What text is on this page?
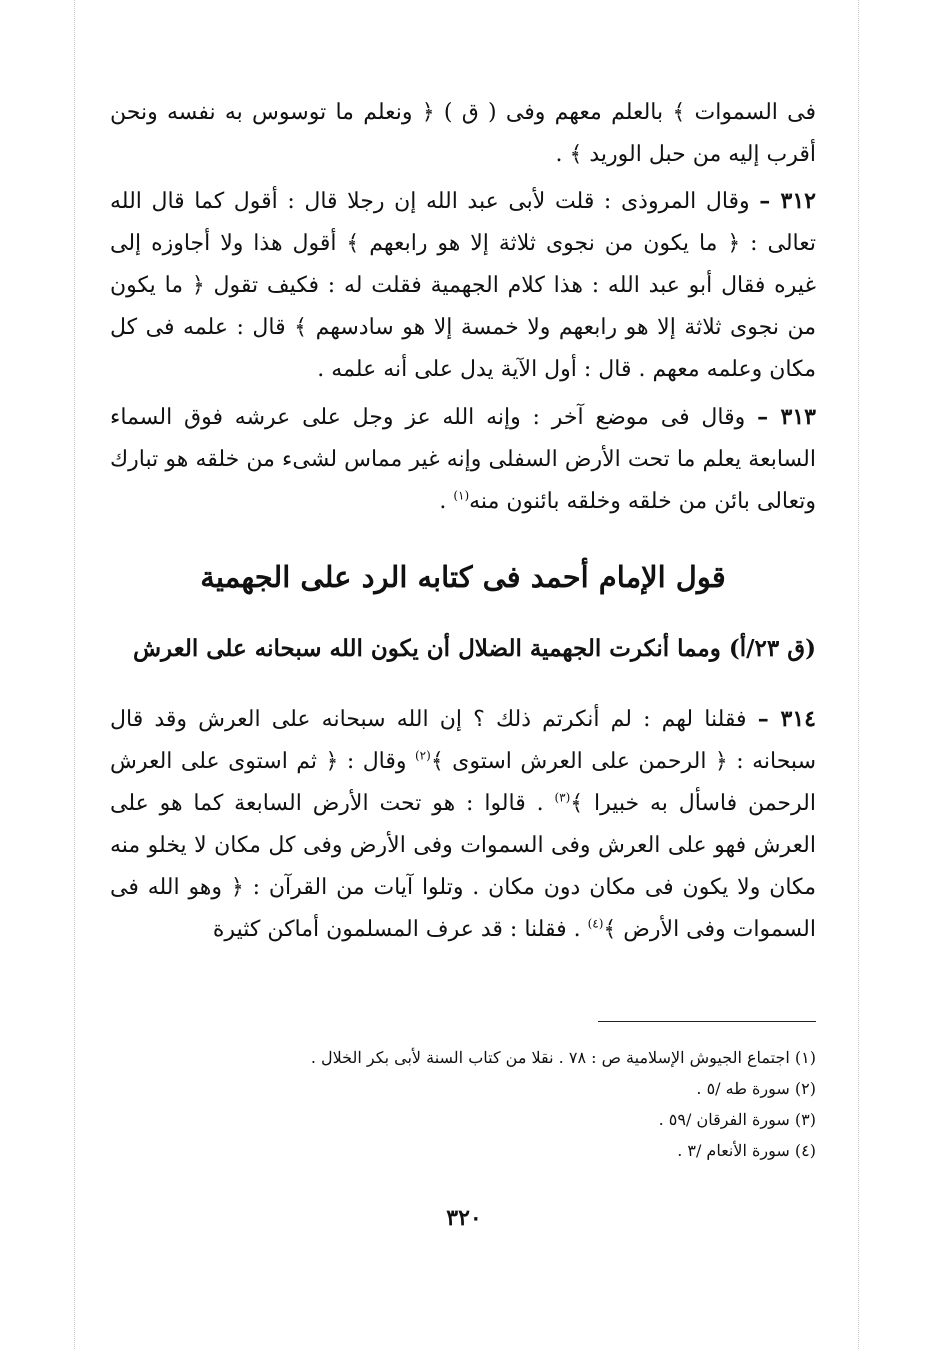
فى السموات ﴾ بالعلم معهم وفى ( ق ) ﴿ ونعلم ما توسوس به نفسه ونحن أقرب إليه من حبل الوريد ﴾ .

٣١٢ – وقال المروذى : قلت لأبى عبد الله إن رجلا قال : أقول كما قال الله تعالى : ﴿ ما يكون من نجوى ثلاثة إلا هو رابعهم ﴾ أقول هذا ولا أجاوزه إلى غيره فقال أبو عبد الله : هذا كلام الجهمية فقلت له : فكيف تقول ﴿ ما يكون من نجوى ثلاثة إلا هو رابعهم ولا خمسة إلا هو سادسهم ﴾ قال : علمه فى كل مكان وعلمه معهم . قال : أول الآية يدل على أنه علمه .

٣١٣ – وقال فى موضع آخر : وإنه الله عز وجل على عرشه فوق السماء السابعة يعلم ما تحت الأرض السفلى وإنه غير مماس لشىء من خلقه هو تبارك وتعالى بائن من خلقه وخلقه بائنون منه$^{(١)}$ .

قول الإمام أحمد فى كتابه الرد على الجهمية
(ق ٢٣/أ) ومما أنكرت الجهمية الضلال أن يكون الله سبحانه على العرش

٣١٤ – فقلنا لهم : لم أنكرتم ذلك ؟ إن الله سبحانه على العرش وقد قال سبحانه : ﴿ الرحمن على العرش استوى ﴾$^{(٢)}$ وقال : ﴿ ثم استوى على العرش الرحمن فاسأل به خبيرا ﴾$^{(٣)}$ . قالوا : هو تحت الأرض السابعة كما هو على العرش فهو على العرش وفى السموات وفى الأرض وفى كل مكان لا يخلو منه مكان ولا يكون فى مكان دون مكان . وتلوا آيات من القرآن : ﴿ وهو الله فى السموات وفى الأرض ﴾$^{(٤)}$ . فقلنا : قد عرف المسلمون أماكن كثيرة

(١) اجتماع الجيوش الإسلامية ص : ٧٨ . نقلا من كتاب السنة لأبى بكر الخلال .
(٢) سورة طه /٥ .
(٣) سورة الفرقان /٥٩ .
(٤) سورة الأنعام /٣ .
٣٢٠
